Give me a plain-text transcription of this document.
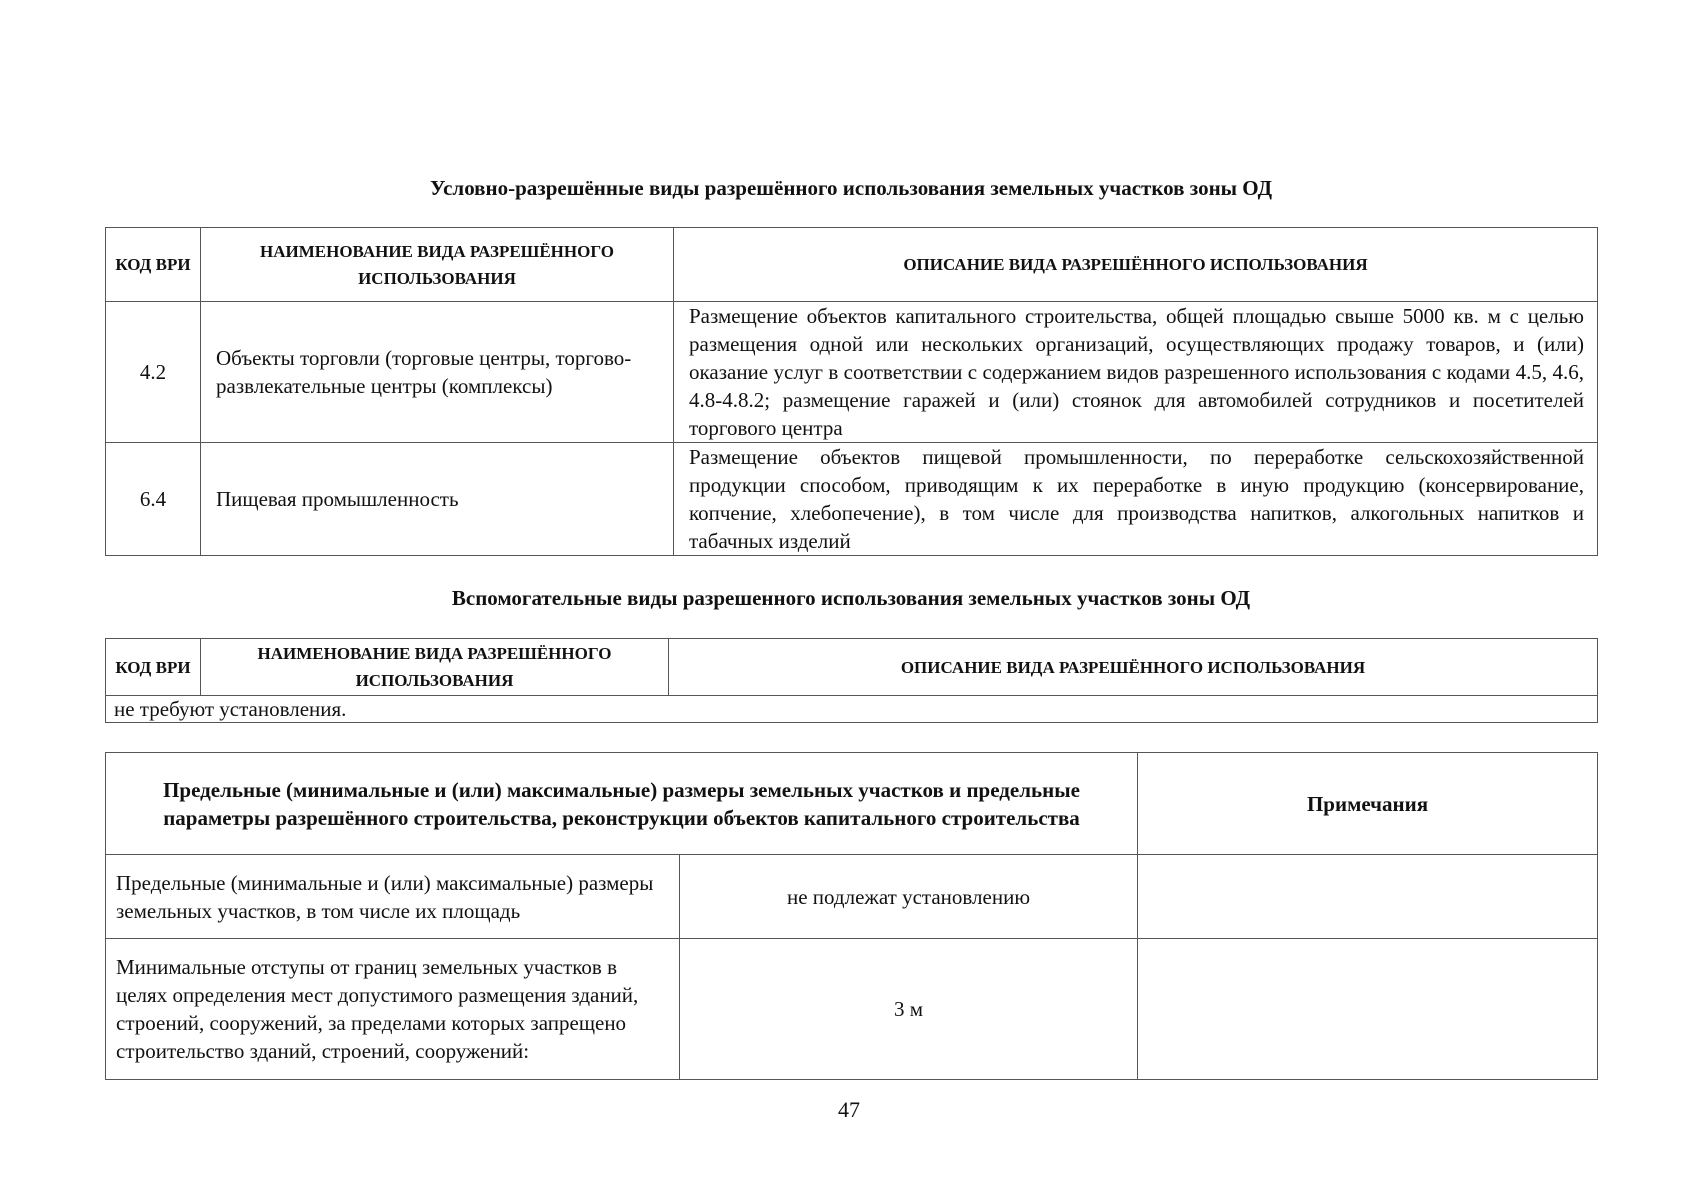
Условно-разрешённые виды разрешённого использования земельных участков зоны ОД
КОД ВРИ	НАИМЕНОВАНИЕ ВИДА РАЗРЕШЁННОГО ИСПОЛЬЗОВАНИЯ	ОПИСАНИЕ ВИДА РАЗРЕШЁННОГО ИСПОЛЬЗОВАНИЯ
4.2	Объекты торговли (торговые центры, торгово-развлекательные центры (комплексы)	Размещение объектов капитального строительства, общей площадью свыше 5000 кв. м с целью размещения одной или нескольких организаций, осуществляющих продажу товаров, и (или) оказание услуг в соответствии с содержанием видов разрешенного использования с кодами 4.5, 4.6, 4.8-4.8.2; размещение гаражей и (или) стоянок для автомобилей сотрудников и посетителей торгового центра
6.4	Пищевая промышленность	Размещение объектов пищевой промышленности, по переработке сельскохозяйственной продукции способом, приводящим к их переработке в иную продукцию (консервирование, копчение, хлебопечение), в том числе для производства напитков, алкогольных напитков и табачных изделий
Вспомогательные виды разрешенного использования земельных участков зоны ОД
КОД ВРИ	НАИМЕНОВАНИЕ ВИДА РАЗРЕШЁННОГО ИСПОЛЬЗОВАНИЯ	ОПИСАНИЕ ВИДА РАЗРЕШЁННОГО ИСПОЛЬЗОВАНИЯ
не требуют установления.
Предельные (минимальные и (или) максимальные) размеры земельных участков и предельные параметры разрешённого строительства, реконструкции объектов капитального строительства		Примечания
Предельные (минимальные и (или) максимальные) размеры земельных участков, в том числе их площадь	не подлежат установлению	
Минимальные отступы от границ земельных участков в целях определения мест допустимого размещения зданий, строений, сооружений, за пределами которых запрещено строительство зданий, строений, сооружений:	3 м	
47
